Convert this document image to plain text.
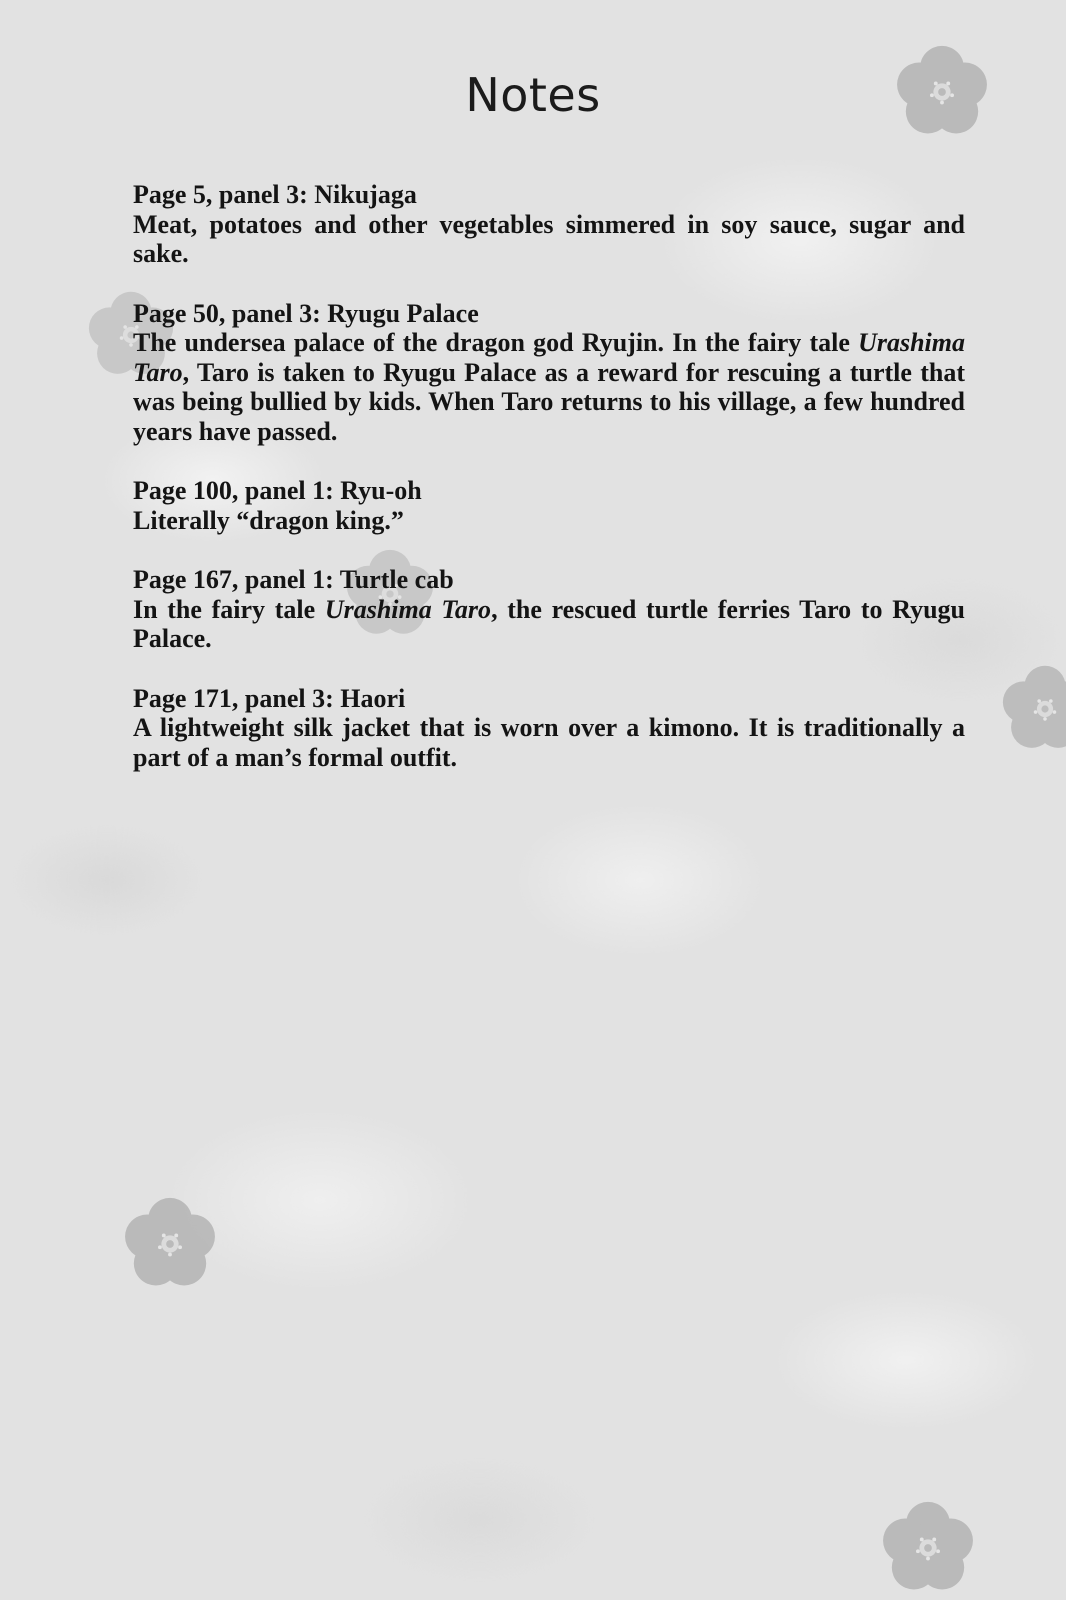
Notes
Page 5, panel 3: Nikujaga

Meat, potatoes and other vegetables simmered in soy sauce, sugar and sake.

Page 50, panel 3: Ryugu Palace

The undersea palace of the dragon god Ryujin. In the fairy tale Urashima Taro, Taro is taken to Ryugu Palace as a reward for rescuing a turtle that was being bullied by kids. When Taro returns to his village, a few hundred years have passed.

Page 100, panel 1: Ryu-oh

Literally “dragon king.”

Page 167, panel 1: Turtle cab

In the fairy tale Urashima Taro, the rescued turtle ferries Taro to Ryugu Palace.

Page 171, panel 3: Haori

A lightweight silk jacket that is worn over a kimono. It is traditionally a part of a man’s formal outfit.
